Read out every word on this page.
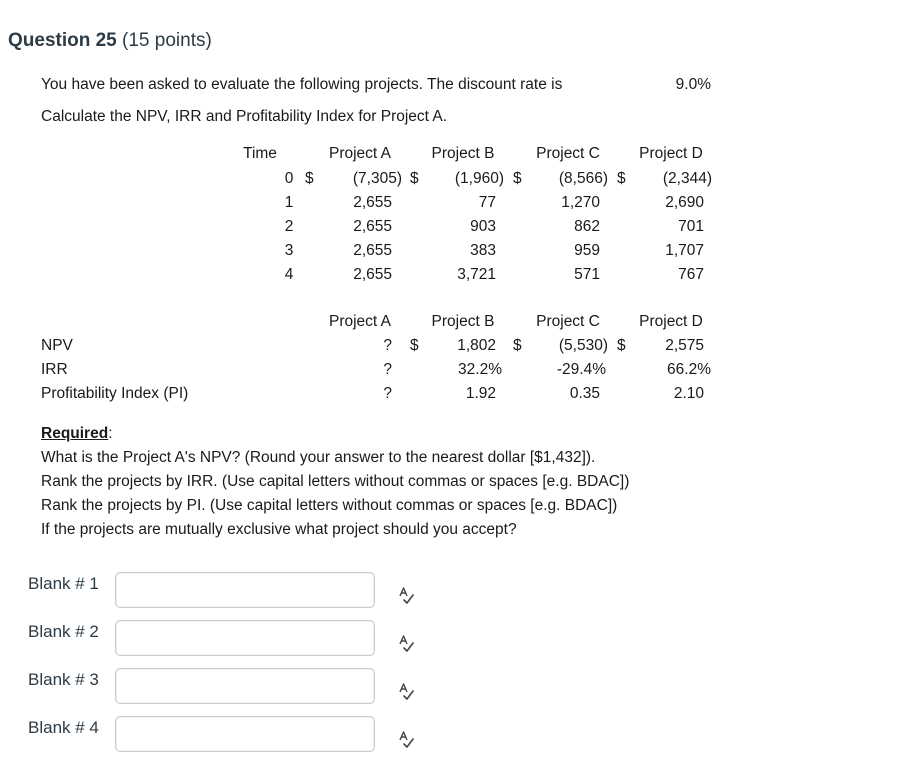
Question 25 (15 points)
You have been asked to evaluate the following projects. The discount rate is	9.0%
Calculate the NPV, IRR and Profitability Index for Project A.
Time	Project A	Project B	Project C	Project D
0 $	(7,305) $	(1,960) $	(8,566) $	(2,344)
1	2,655	77	1,270	2,690
2	2,655	903	862	701
3	2,655	383	959	1,707
4	2,655	3,721	571	767
Project A	Project B	Project C	Project D
NPV	? $	1,802 $	(5,530) $	2,575
IRR	?	32.2%	-29.4%	66.2%
Profitability Index (PI)	?	1.92	0.35	2.10
Required:
What is the Project A's NPV? (Round your answer to the nearest dollar [$1,432]).
Rank the projects by IRR. (Use capital letters without commas or spaces [e.g. BDAC])
Rank the projects by PI. (Use capital letters without commas or spaces [e.g. BDAC])
If the projects are mutually exclusive what project should you accept?
Blank # 1
Blank # 2
Blank # 3
Blank # 4
